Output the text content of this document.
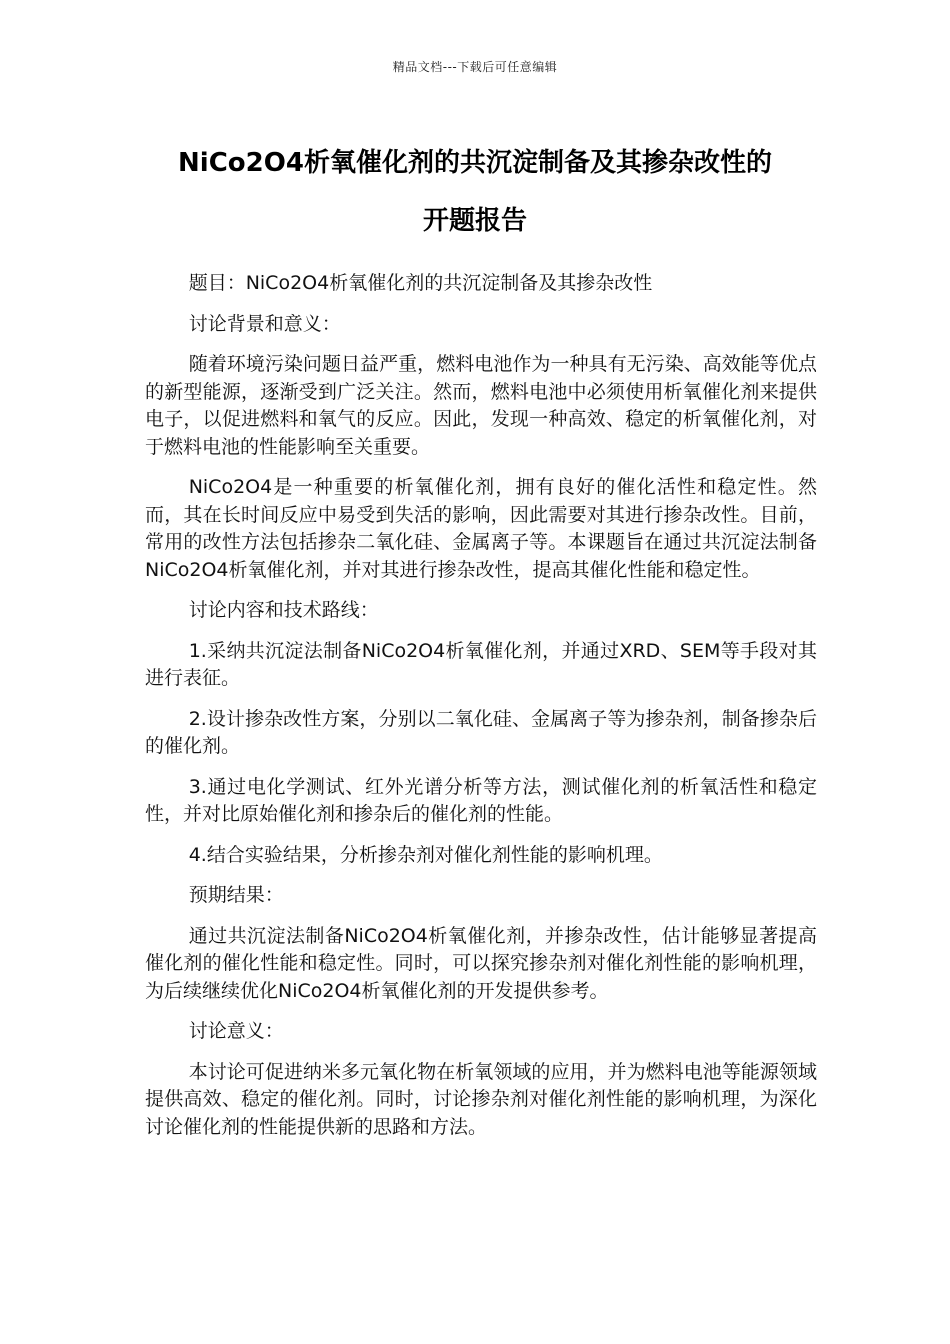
精品文档---下载后可任意编辑
NiCo2O4析氧催化剂的共沉淀制备及其掺杂改性的
开题报告

题目：NiCo2O4析氧催化剂的共沉淀制备及其掺杂改性

讨论背景和意义：

随着环境污染问题日益严重，燃料电池作为一种具有无污染、高效能等优点的新型能源，逐渐受到广泛关注。然而，燃料电池中必须使用析氧催化剂来提供电子，以促进燃料和氧气的反应。因此，发现一种高效、稳定的析氧催化剂，对于燃料电池的性能影响至关重要。

NiCo2O4是一种重要的析氧催化剂，拥有良好的催化活性和稳定性。然而，其在长时间反应中易受到失活的影响，因此需要对其进行掺杂改性。目前，常用的改性方法包括掺杂二氧化硅、金属离子等。本课题旨在通过共沉淀法制备NiCo2O4析氧催化剂，并对其进行掺杂改性，提高其催化性能和稳定性。

讨论内容和技术路线：

1.采纳共沉淀法制备NiCo2O4析氧催化剂，并通过XRD、SEM等手段对其进行表征。

2.设计掺杂改性方案，分别以二氧化硅、金属离子等为掺杂剂，制备掺杂后的催化剂。

3.通过电化学测试、红外光谱分析等方法，测试催化剂的析氧活性和稳定性，并对比原始催化剂和掺杂后的催化剂的性能。

4.结合实验结果，分析掺杂剂对催化剂性能的影响机理。

预期结果：

通过共沉淀法制备NiCo2O4析氧催化剂，并掺杂改性，估计能够显著提高催化剂的催化性能和稳定性。同时，可以探究掺杂剂对催化剂性能的影响机理，为后续继续优化NiCo2O4析氧催化剂的开发提供参考。

讨论意义：

本讨论可促进纳米多元氧化物在析氧领域的应用，并为燃料电池等能源领域提供高效、稳定的催化剂。同时，讨论掺杂剂对催化剂性能的影响机理，为深化讨论催化剂的性能提供新的思路和方法。
